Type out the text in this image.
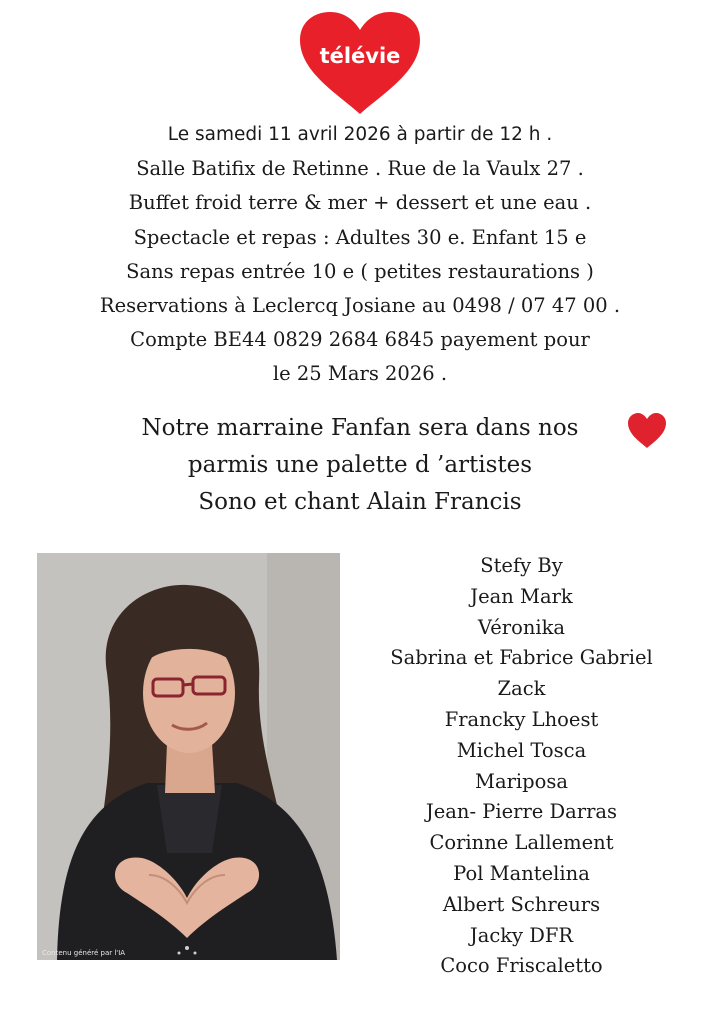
télévie
Le samedi 11 avril 2026 à partir de 12 h .
Salle Batifix de Retinne . Rue de la Vaulx 27 .
Buffet froid terre & mer + dessert et une eau .
Spectacle et repas : Adultes 30 e. Enfant 15 e
Sans repas entrée 10 e ( petites restaurations )
Reservations à Leclercq Josiane au 0498 / 07 47 00 .
Compte BE44 0829 2684 6845 payement pour
le 25 Mars 2026 .
Notre marraine Fanfan sera dans nos
parmis une palette d ’artistes
Sono et chant Alain Francis
Contenu généré par l'IA
Stefy By
Jean Mark
Véronika
Sabrina et Fabrice Gabriel
Zack
Francky Lhoest
Michel Tosca
Mariposa
Jean- Pierre Darras
Corinne Lallement
Pol Mantelina
Albert Schreurs
Jacky DFR
Coco Friscaletto
